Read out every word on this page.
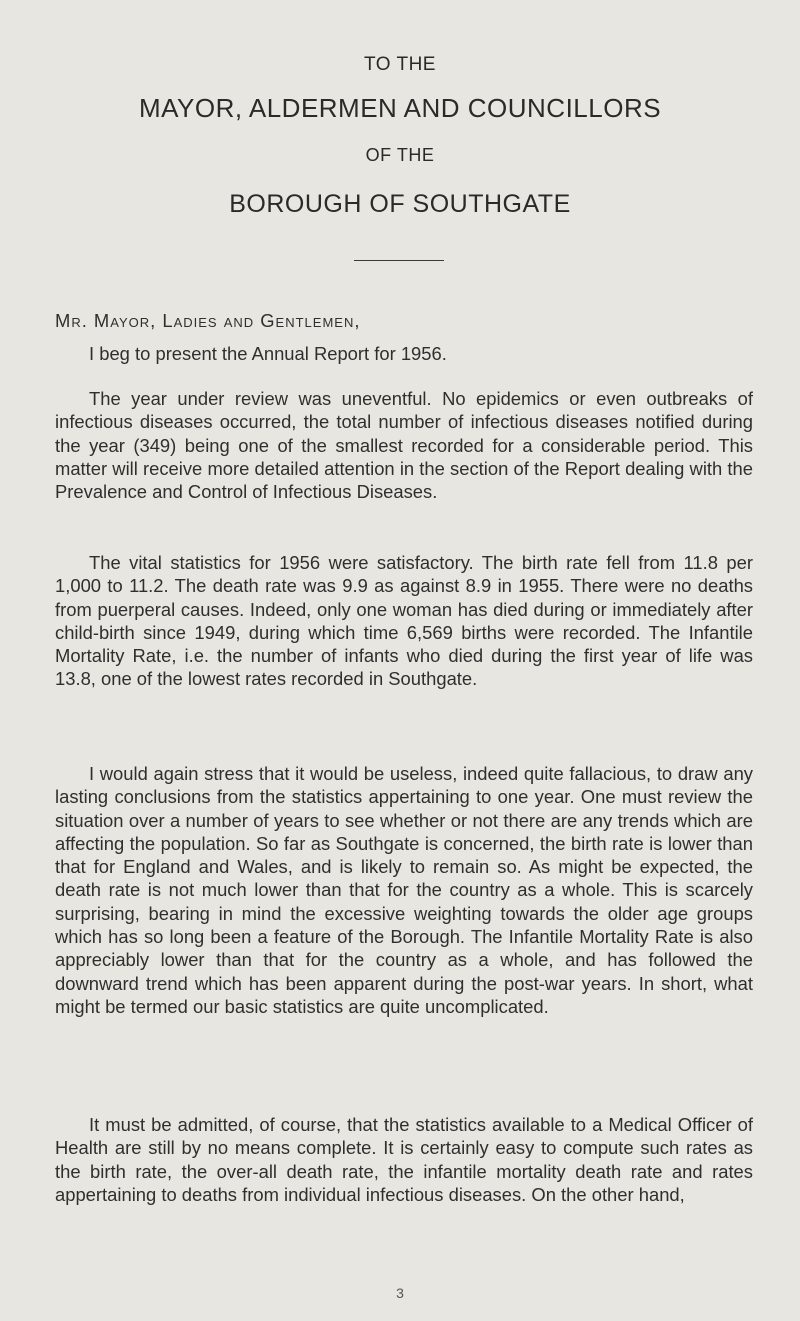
TO THE
MAYOR, ALDERMEN AND COUNCILLORS
OF THE
BOROUGH OF SOUTHGATE

Mr. Mayor, Ladies and Gentlemen,

I beg to present the Annual Report for 1956.

The year under review was uneventful. No epidemics or even outbreaks of infectious diseases occurred, the total number of infectious diseases notified during the year (349) being one of the smallest recorded for a considerable period. This matter will receive more detailed attention in the section of the Report dealing with the Prevalence and Control of Infectious Diseases.

The vital statistics for 1956 were satisfactory. The birth rate fell from 11.8 per 1,000 to 11.2. The death rate was 9.9 as against 8.9 in 1955. There were no deaths from puerperal causes. Indeed, only one woman has died during or immediately after child-birth since 1949, during which time 6,569 births were recorded. The Infantile Mortality Rate, i.e. the number of infants who died during the first year of life was 13.8, one of the lowest rates recorded in Southgate.

I would again stress that it would be useless, indeed quite fallacious, to draw any lasting conclusions from the statistics appertaining to one year. One must review the situation over a number of years to see whether or not there are any trends which are affecting the population. So far as Southgate is concerned, the birth rate is lower than that for England and Wales, and is likely to remain so. As might be expected, the death rate is not much lower than that for the country as a whole. This is scarcely surprising, bearing in mind the excessive weighting towards the older age groups which has so long been a feature of the Borough. The Infantile Mortality Rate is also appreciably lower than that for the country as a whole, and has followed the downward trend which has been apparent during the post-war years. In short, what might be termed our basic statistics are quite uncomplicated.

It must be admitted, of course, that the statistics available to a Medical Officer of Health are still by no means complete. It is certainly easy to compute such rates as the birth rate, the over-all death rate, the infantile mortality death rate and rates appertaining to deaths from individual infectious diseases. On the other hand,

3
